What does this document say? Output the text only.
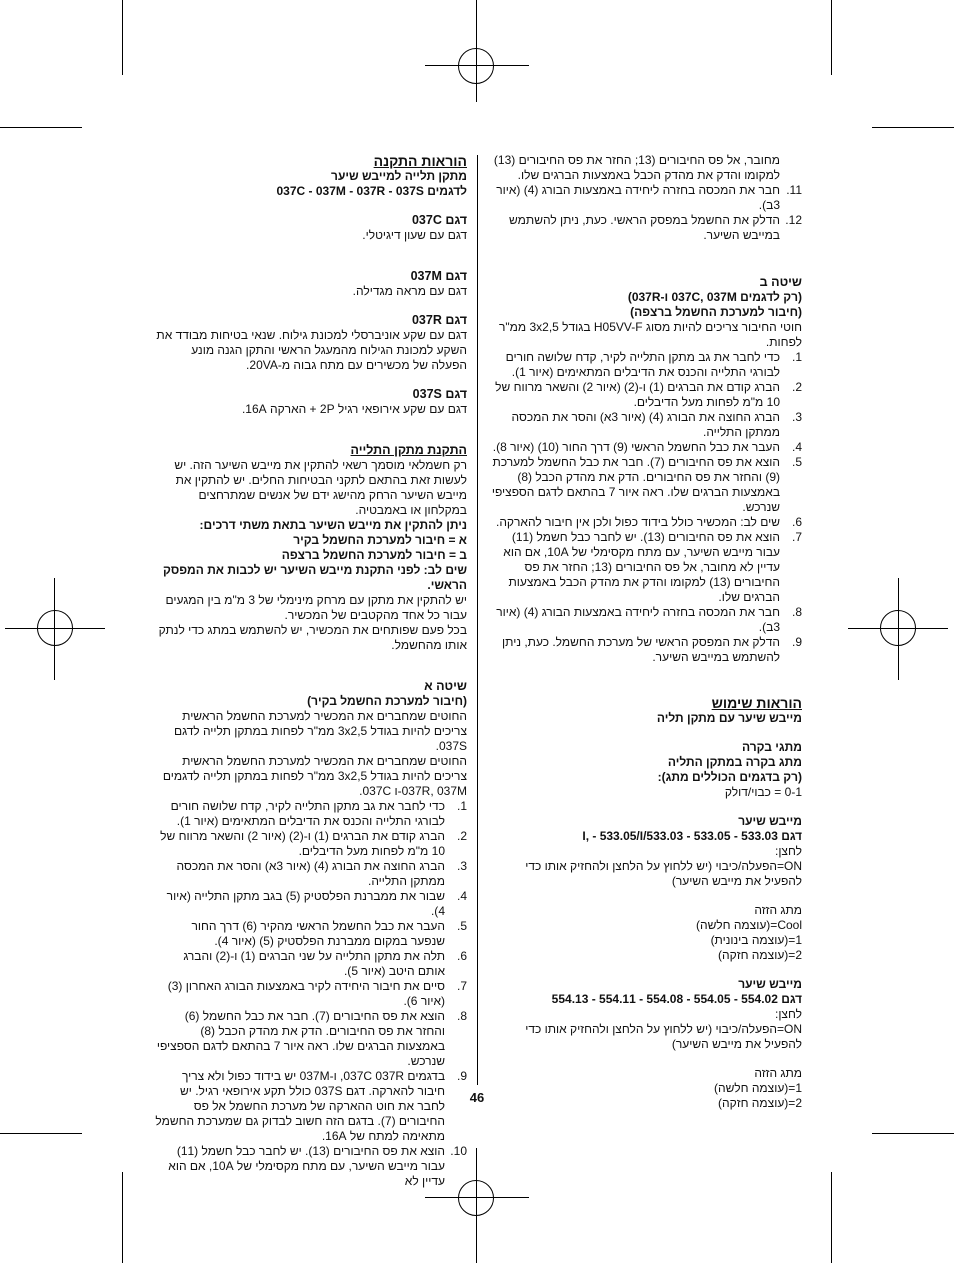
הוראות התקנה

מתקן תלייה למייבש שיער

לדגמים 037C - 037M - 037R - 037S

דגם 037C

דגם עם שעון דיגיטלי.

דגם 037M

דגם עם מראה מגדילה.

דגם 037R

דגם עם שקע אוניברסלי למכונת גילוח. שנאי בטיחות מבודד את השקע למכונת הגילוח מהמעגל הראשי והתקן הגנה מונע הפעלה של מכשירים עם מתח גבוה מ-20VA.

דגם 037S

דגם עם שקע אירופאי רגיל 2P + הארקה 16A.

התקנת מתקן התלייה

רק חשמלאי מוסמך רשאי להתקין את מייבש השיער הזה. יש לעשות זאת בהתאם לתקני הבטיחות החלים. יש להתקין את מייבש השיער הרחק מהישג ידם של אנשים שמתרחצים במקלחון או באמבטיה.

ניתן להתקין את מייבש השיער בתאת משתי דרכים:

א = חיבור למערכת החשמל בקיר

ב = חיבור למערכת החשמל ברצפה

שים לב: לפני התקנת מייבש השיער יש לכבות את המפסק הראשי.

יש להתקין את מתקן עם מרחק מינימלי של 3 מ"מ בין המגעים עבור כל אחד מהקטבים של המכשיר.

בכל פעם שפותחים את המכשיר, יש להשתמש במתג כדי לנתק אותו מהחשמל.

שיטה א

(חיבור למערכת החשמל בקיר)

החוטים שמחברים את המכשיר למערכת החשמל הראשית צריכים להיות בגודל 3x2,5 ממ"ר לפחות במתקן תלייה לדגם 037S.

החוטים שמחברים את המכשיר למערכת החשמל הראשית צריכים להיות בגודל 3x2,5 ממ"ר לפחות במתקן תלייה לדגמים 037R, 037M-ו 037C.

1.
כדי לחבר את גב מתקן התלייה לקיר, קדח שלושה חורים לבורגי התלייה והכנס את הדיבלים המתאימים (איור 1).
2.
הברג קודם את הברגים (1) ו-(2) (איור 2) והשאר מרווח של 10 מ"מ לפחות מעל הדיבלים.
3.
הברג החוצה את הבורג (4) (איור 3א) והסר את המכסה ממתקן התלייה.
4.
שבור את ממברנת הפלסטיק (5) בגב מתקן התלייה (איור 4).
5.
העבר את כבל החשמל הראשי מהקיר (6) דרך החור שנפער במקום ממברנת הפלסטיק (5) (איור 4).
6.
תלה את מתקן התלייה על שני הברגים (1) ו-(2) והברג אותם היטב (איור 5).
7.
סיים את חיבור היחידה לקיר באמצעות הבורג האחרון (3) (איור 6).
8.
הוצא את פס החיבורים (7). חבר את כבל החשמל (6) והחזר את פס החיבורים. הדק את מהדק הכבל (8) באמצעות הברגים שלו. ראה איור 7 בהתאם לדגם הספציפי שנרכש.
9.
בדגמים 037C 037R, ו-037M יש בידוד כפול ולא צריך חיבור להארקה. דגם 037S כולל תקע אירופאי רגיל. יש לחבר את חוט ההארקה של מערכת החשמל אל פס החיבורים (7). בדגם הזה חשוב לבדוק גם שמערכת החשמל מתאימה למתח של 16A.
10.
הוצא את פס החיבורים (13). יש לחבר כבל חשמל (11) עבור מייבש השיער, עם מתח מקסימלי של 10A, אם הוא עדיין לא

מחובר, אל פס החיבורים (13; החזר את פס החיבורים (13) למקומו והדק את מהדק הכבל באמצעות הברגים שלו.

11.
חבר את המכסה בחזרה ליחידה באמצעות הבורג (4) (איור 3ב).
12.
הדלק את החשמל במפסק הראשי. כעת, ניתן להשתמש במייבש השיער.

שיטה ב

(רק לדגמים 037C, 037M ו-037R)

(חיבור למערכת החשמל ברצפה)

חוטי החיבור צריכים להיות מסוג H05VV-F בגודל 3x2,5 ממ"ר לפחות.

1.
כדי לחבר את גב מתקן התלייה לקיר, קדח שלושה חורים לבורגי התלייה והכנס את הדיבלים המתאימים (איור 1).
2.
הברג קודם את הברגים (1) ו-(2) (איור 2) והשאר מרווח של 10 מ"מ לפחות מעל הדיבלים.
3.
הברג החוצה את הבורג (4) (איור 3א) והסר את המכסה ממתקן התלייה.
4.
העבר את כבל החשמל הראשי (9) דרך החור (10) (איור 8).
5.
הוצא את פס החיבורים (7). חבר את כבל החשמל למערכת (9) והחזר את פס החיבורים. הדק את מהדק הכבל (8) באמצעות הברגים שלו. ראה איור 7 בהתאם לדגם הספציפי שנרכש.
6.
שים לב: המכשיר כולל בידוד כפול ולכן אין חיבור להארקה.
7.
הוצא את פס החיבורים (13). יש לחבר כבל חשמל (11) עבור מייבש השיער, עם מתח מקסימלי של 10A, אם הוא עדיין לא מחובר, אל פס החיבורים (13; החזר את פס החיבורים (13) למקומו והדק את מהדק הכבל באמצעות הברגים שלו.
8.
חבר את המכסה בחזרה ליחידה באמצעות הבורג (4) (איור 3ב).
9.
הדלק את המפסק הראשי של מערכת החשמל. כעת, ניתן להשתמש במייבש השיער.

הוראות שימוש

מייבש שיער עם מתקן תליה

מתגי בקרה

מתג בקרה במתקן התליה

(רק בדגמים הכוללים מתג):

0-1 = כבוי/דולק

מייבש שיער

דגם 533.03 - 533.05 - 533.03/I, - 533.05/I

לחצן:

ON=הפעלה/כיבוי (יש ללחוץ על הלחצן ולהחזיק אותו כדי להפעיל את מייבש השיער)

מתג הזזה

Cool=(עוצמה חלשה)

1=(עוצמה בינונית)

2=(עוצמה חזקה)

מייבש שיער

דגם 554.02 - 554.05 - 554.08 - 554.11 - 554.13

לחצן:

ON=הפעלה/כיבוי (יש ללחוץ על הלחצן ולהחזיק אותו כדי להפעיל את מייבש השיער)

מתג הזזה

1=(עוצמה חלשה)

2=(עוצמה חזקה)

46
